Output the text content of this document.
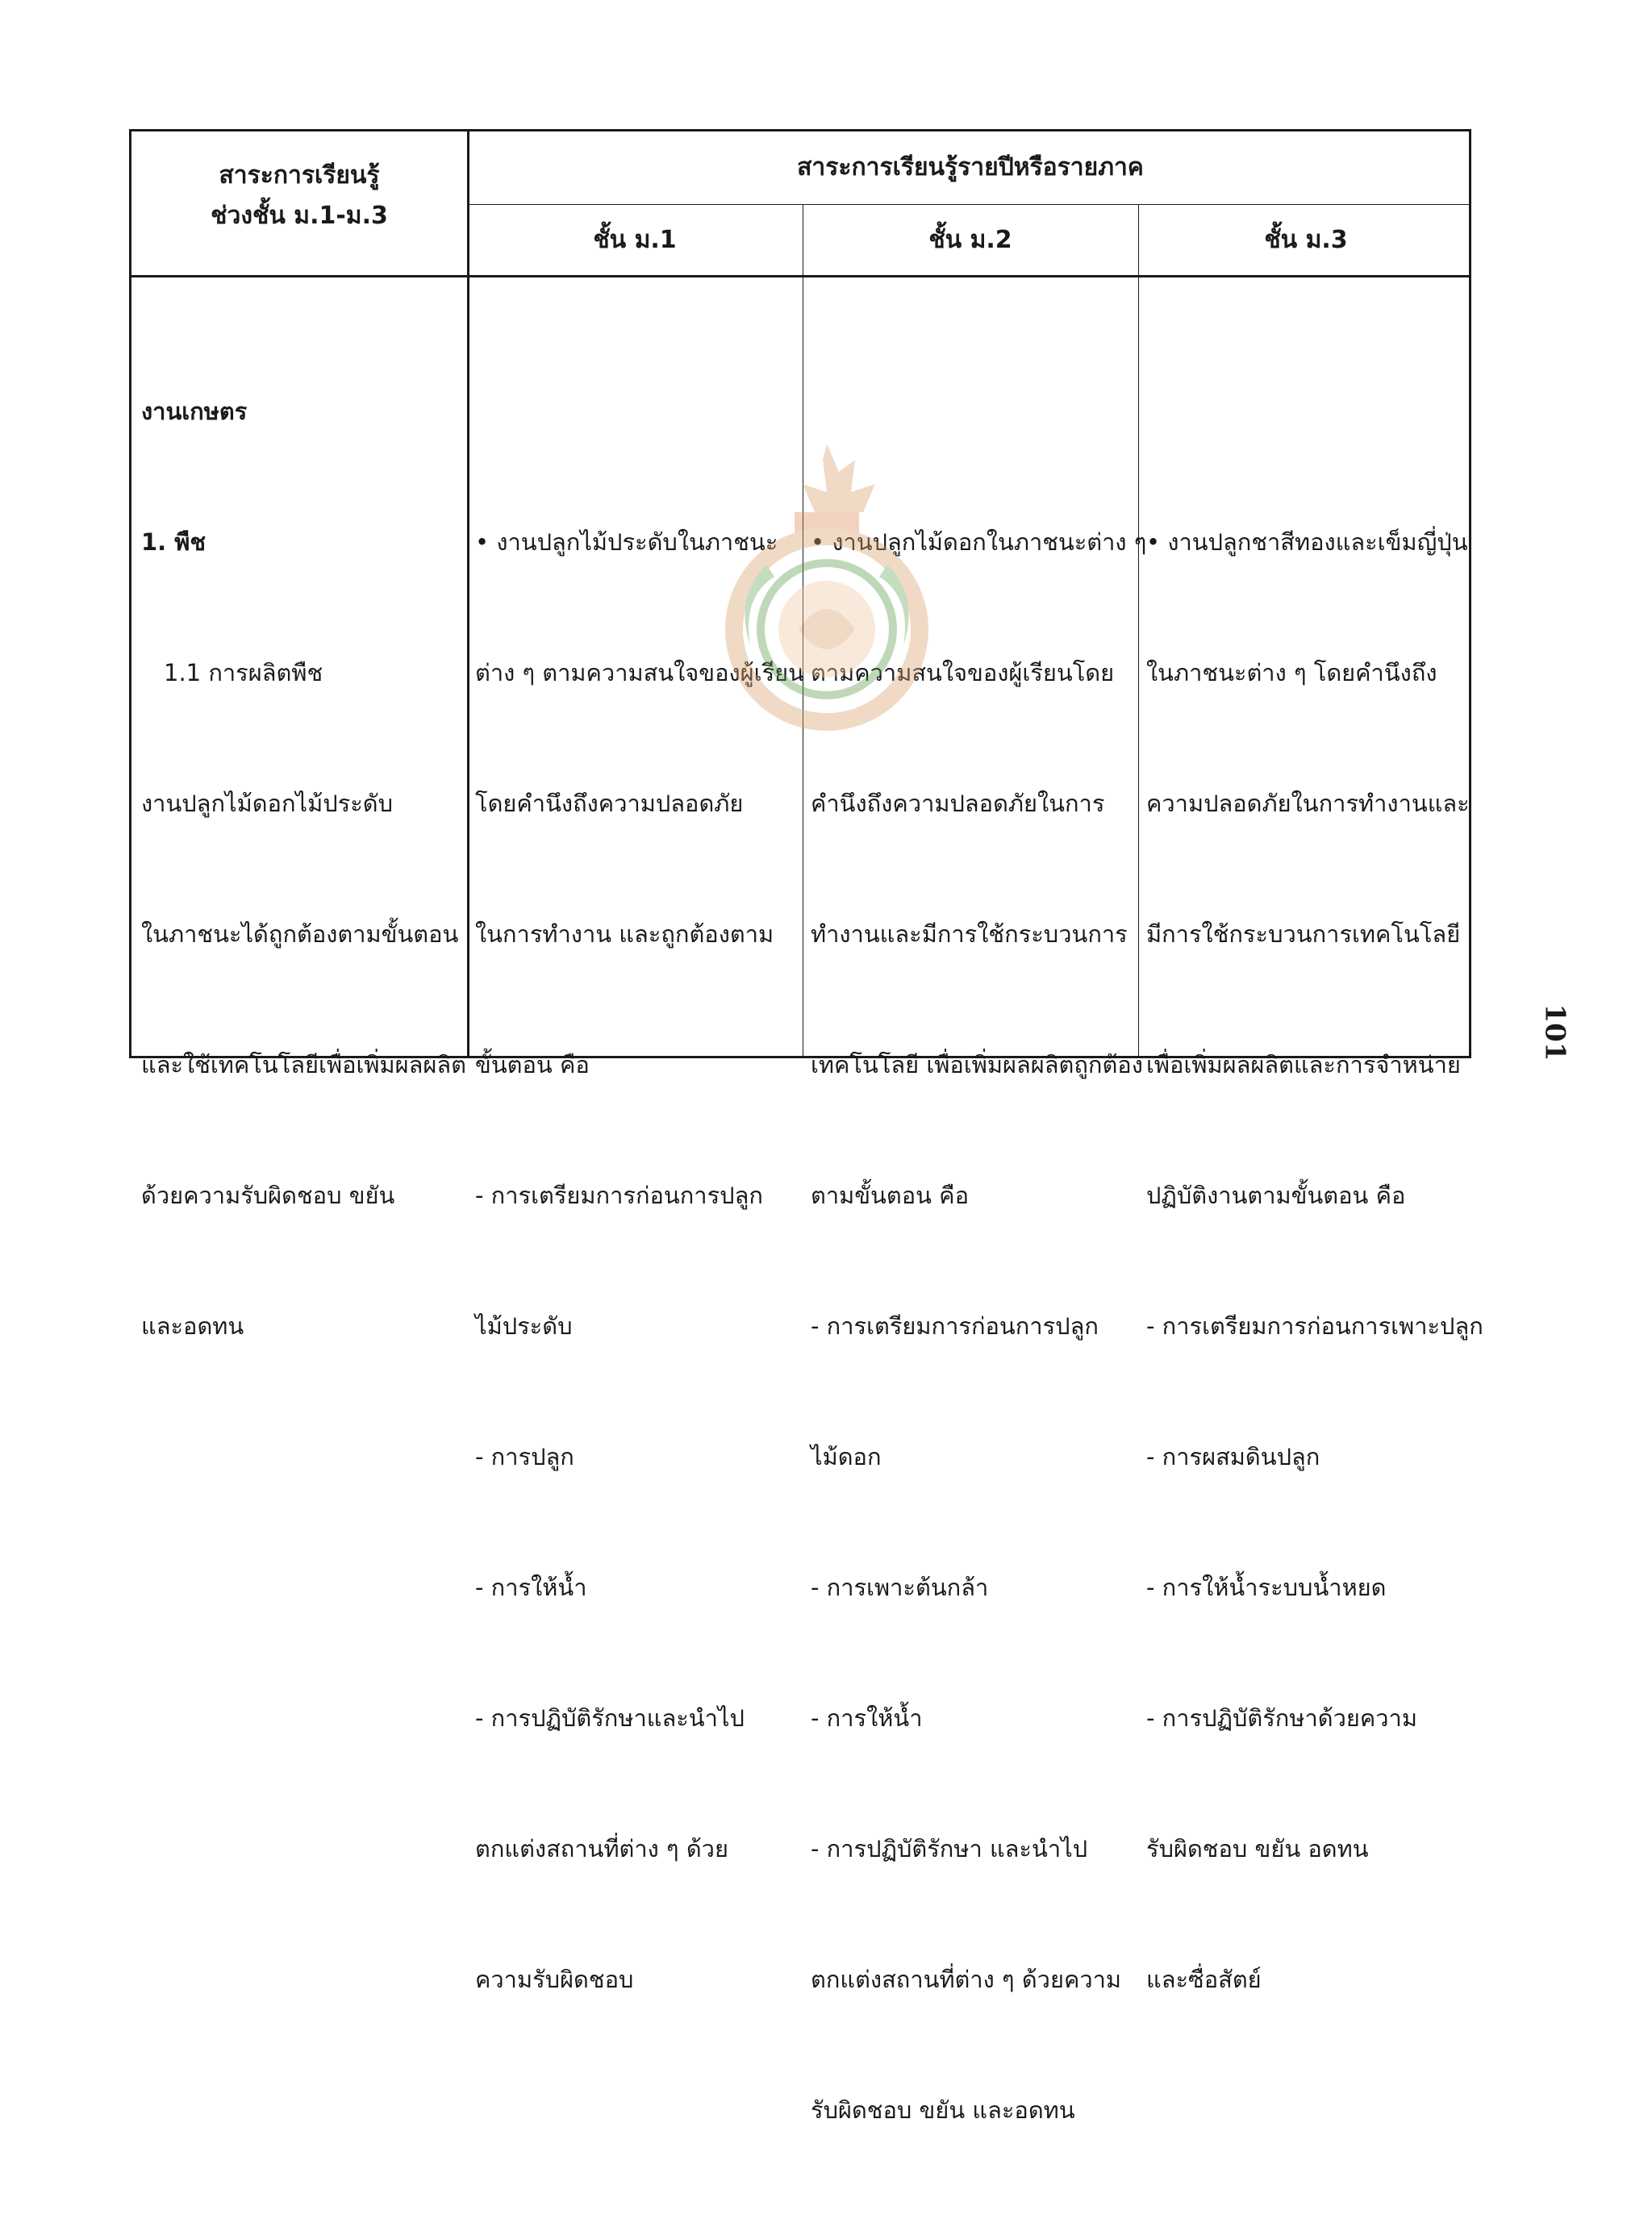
สาระการเรียนรู้
ช่วงชั้น ม.1-ม.3
สาระการเรียนรู้รายปีหรือรายภาค
ชั้น ม.1	ชั้น ม.2	ชั้น ม.3

งานเกษตร

1. พืช

1.1 การผลิตพืช

งานปลูกไม้ดอกไม้ประดับ

ในภาชนะได้ถูกต้องตามขั้นตอน

และใช้เทคโนโลยีเพื่อเพิ่มผลผลิต

ด้วยความรับผิดชอบ ขยัน

และอดทน

• งานปลูกไม้ประดับในภาชนะ

ต่าง ๆ ตามความสนใจของผู้เรียน

โดยคำนึงถึงความปลอดภัย

ในการทำงาน และถูกต้องตาม

ขั้นตอน คือ

- การเตรียมการก่อนการปลูก

ไม้ประดับ

- การปลูก

- การให้น้ำ

- การปฏิบัติรักษาและนำไป

ตกแต่งสถานที่ต่าง ๆ ด้วย

ความรับผิดชอบ

• งานปลูกไม้ดอกในภาชนะต่าง ๆ

ตามความสนใจของผู้เรียนโดย

คำนึงถึงความปลอดภัยในการ

ทำงานและมีการใช้กระบวนการ

เทคโนโลยี เพื่อเพิ่มผลผลิตถูกต้อง

ตามขั้นตอน คือ

- การเตรียมการก่อนการปลูก

ไม้ดอก

- การเพาะต้นกล้า

- การให้น้ำ

- การปฏิบัติรักษา และนำไป

ตกแต่งสถานที่ต่าง ๆ ด้วยความ

รับผิดชอบ ขยัน และอดทน

• งานปลูกชาสีทองและเข็มญี่ปุ่น

ในภาชนะต่าง ๆ โดยคำนึงถึง

ความปลอดภัยในการทำงานและ

มีการใช้กระบวนการเทคโนโลยี

เพื่อเพิ่มผลผลิตและการจำหน่าย

ปฏิบัติงานตามขั้นตอน คือ

- การเตรียมการก่อนการเพาะปลูก

- การผสมดินปลูก

- การให้น้ำระบบน้ำหยด

- การปฏิบัติรักษาด้วยความ

รับผิดชอบ ขยัน อดทน

และซื่อสัตย์

101
